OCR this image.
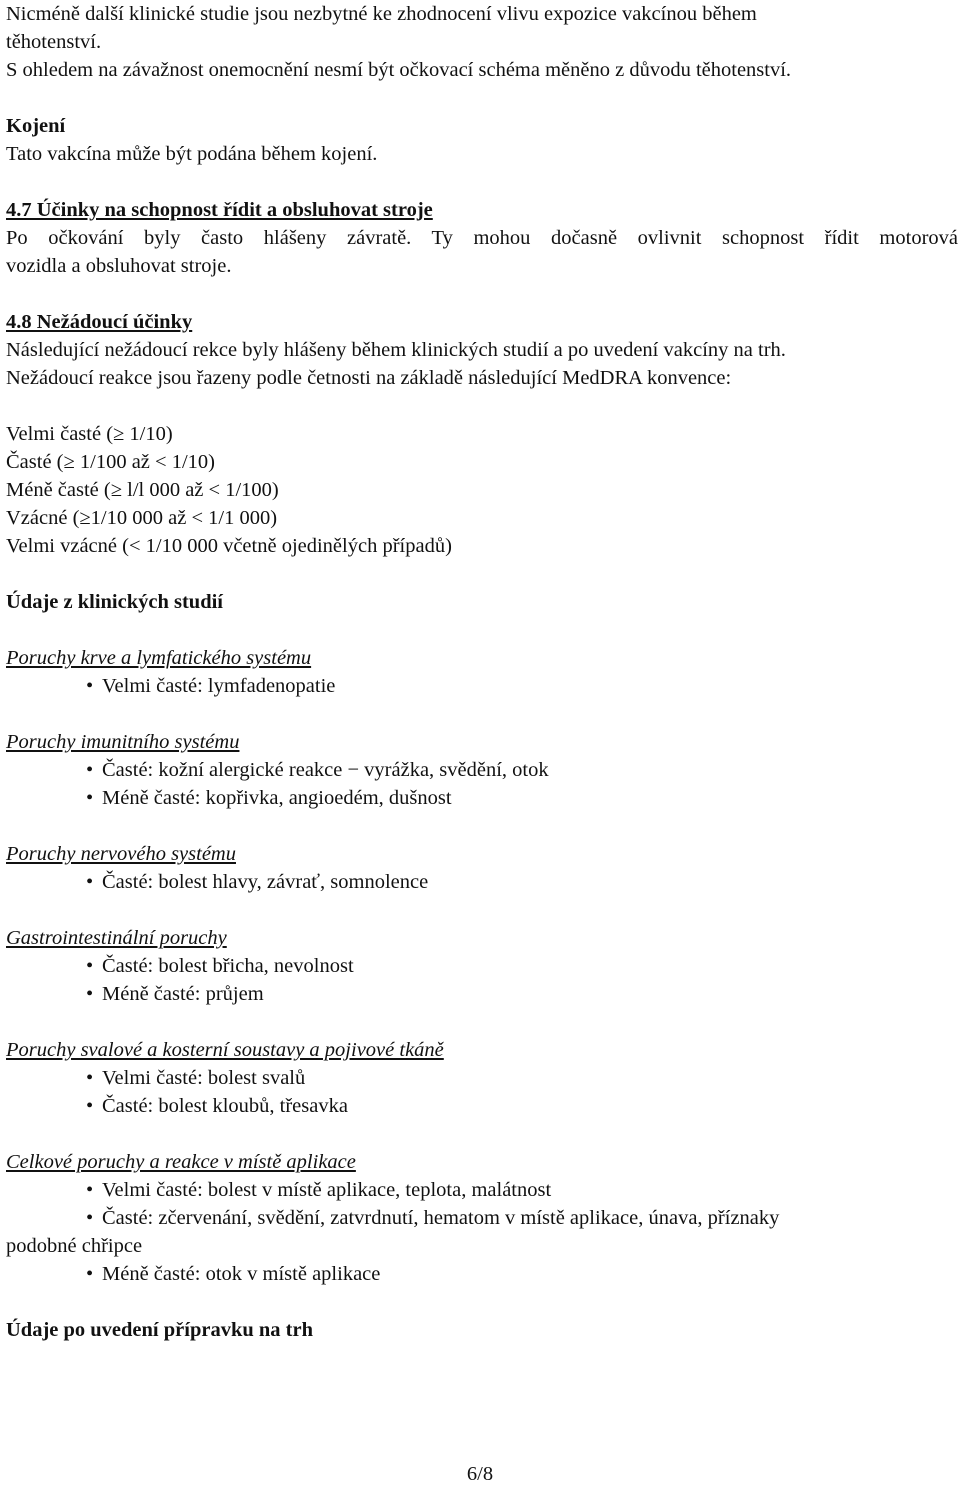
Nicméně další klinické studie jsou nezbytné ke zhodnocení vlivu expozice vakcínou během
těhotenství.
S ohledem na závažnost onemocnění nesmí být očkovací schéma měněno z důvodu těhotenství.
Kojení
Tato vakcína může být podána během kojení.
4.7 Účinky na schopnost řídit a obsluhovat stroje
Po očkování byly často hlášeny závratě. Ty mohou dočasně ovlivnit schopnost řídit motorová
vozidla a obsluhovat stroje.
4.8 Nežádoucí účinky
Následující nežádoucí rekce byly hlášeny během klinických studií a po uvedení vakcíny na trh.
Nežádoucí reakce jsou řazeny podle četnosti na základě následující MedDRA konvence:
Velmi časté (≥ 1/10)
Časté (≥ 1/100 až < 1/10)
Méně časté (≥ l/l 000 až < 1/100)
Vzácné (≥1/10 000 až < 1/1 000)
Velmi vzácné (< 1/10 000 včetně ojedinělých případů)
Údaje z klinických studií
Poruchy krve a lymfatického systému
• Velmi časté: lymfadenopatie
Poruchy imunitního systému
• Časté: kožní alergické reakce − vyrážka, svědění, otok
• Méně časté: kopřivka, angioedém, dušnost
Poruchy nervového systému
• Časté: bolest hlavy, závrať, somnolence
Gastrointestinální poruchy
• Časté: bolest břicha, nevolnost
• Méně časté: průjem
Poruchy svalové a kosterní soustavy a pojivové tkáně
• Velmi časté: bolest svalů
• Časté: bolest kloubů, třesavka
Celkové poruchy a reakce v místě aplikace
• Velmi časté: bolest v místě aplikace, teplota, malátnost
• Časté: zčervenání, svědění, zatvrdnutí, hematom v místě aplikace, únava, příznaky
podobné chřipce
• Méně časté: otok v místě aplikace
Údaje po uvedení přípravku na trh
6/8
